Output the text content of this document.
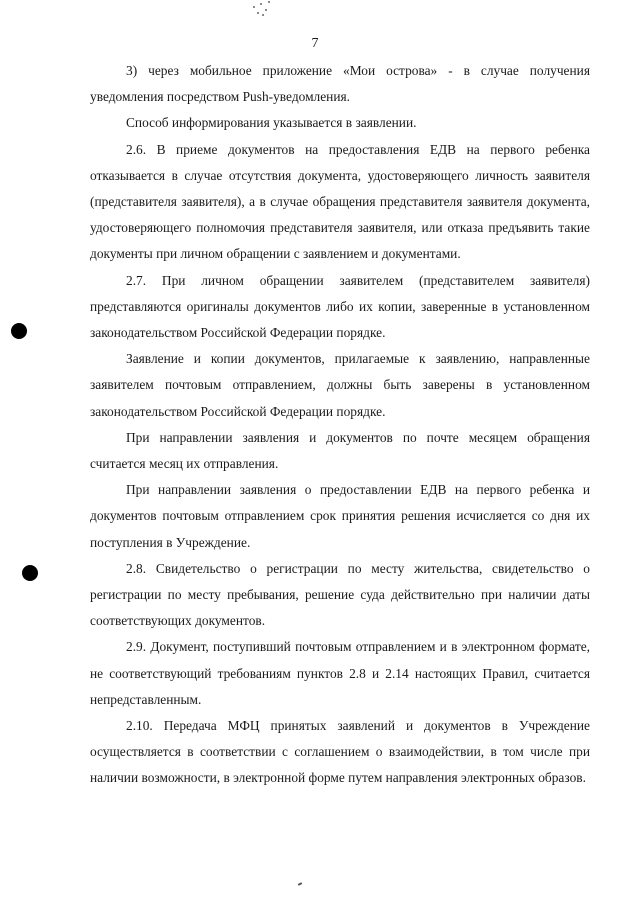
7

3) через мобильное приложение «Мои острова» - в случае получения уведомления посредством Push-уведомления.

Способ информирования указывается в заявлении.

2.6. В приеме документов на предоставления ЕДВ на первого ребенка отказывается в случае отсутствия документа, удостоверяющего личность заявителя (представителя заявителя), а в случае обращения представителя заявителя документа, удостоверяющего полномочия представителя заявителя, или отказа предъявить такие документы при личном обращении с заявлением и документами.

2.7. При личном обращении заявителем (представителем заявителя) представляются оригиналы документов либо их копии, заверенные в установленном законодательством Российской Федерации порядке.

Заявление и копии документов, прилагаемые к заявлению, направленные заявителем почтовым отправлением, должны быть заверены в установленном законодательством Российской Федерации порядке.

При направлении заявления и документов по почте месяцем обращения считается месяц их отправления.

При направлении заявления о предоставлении ЕДВ на первого ребенка и документов почтовым отправлением срок принятия решения исчисляется со дня их поступления в Учреждение.

2.8. Свидетельство о регистрации по месту жительства, свидетельство о регистрации по месту пребывания, решение суда действительно при наличии даты соответствующих документов.

2.9. Документ, поступивший почтовым отправлением и в электронном формате, не соответствующий требованиям пунктов 2.8 и 2.14 настоящих Правил, считается непредставленным.

2.10. Передача МФЦ принятых заявлений и документов в Учреждение осуществляется в соответствии с соглашением о взаимодействии, в том числе при наличии возможности, в электронной форме путем направления электронных образов.
